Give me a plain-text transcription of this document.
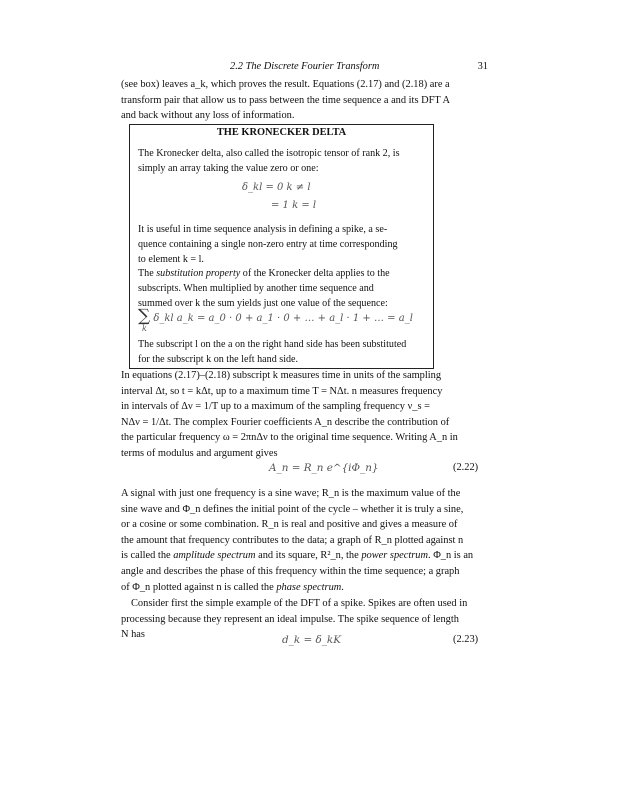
2.2 The Discrete Fourier Transform	31
(see box) leaves a_k, which proves the result. Equations (2.17) and (2.18) are a
transform pair that allow us to pass between the time sequence a and its DFT A
and back without any loss of information.
THE KRONECKER DELTA
The Kronecker delta, also called the isotropic tensor of rank 2, is
simply an array taking the value zero or one:
δ_kl = 0 k ≠ l
= 1 k = l
It is useful in time sequence analysis in defining a spike, a se-
quence containing a single non-zero entry at time corresponding
to element k = l.
The substitution property of the Kronecker delta applies to the
subscripts. When multiplied by another time sequence and
summed over k the sum yields just one value of the sequence:
∑ δ_kl a_k = a_0 · 0 + a_1 · 0 + … + a_l · 1 + … = a_l
k
The subscript l on the a on the right hand side has been substituted
for the subscript k on the left hand side.
In equations (2.17)–(2.18) subscript k measures time in units of the sampling
interval Δt, so t = kΔt, up to a maximum time T = NΔt. n measures frequency
in intervals of Δν = 1/T up to a maximum of the sampling frequency ν_s =
NΔν = 1/Δt. The complex Fourier coefficients A_n describe the contribution of
the particular frequency ω = 2πnΔν to the original time sequence. Writing A_n in
terms of modulus and argument gives
A_n = R_n e^{iΦ_n}	(2.22)
A signal with just one frequency is a sine wave; R_n is the maximum value of the
sine wave and Φ_n defines the initial point of the cycle – whether it is truly a sine,
or a cosine or some combination. R_n is real and positive and gives a measure of
the amount that frequency contributes to the data; a graph of R_n plotted against n
is called the amplitude spectrum and its square, R²_n, the power spectrum. Φ_n is an
angle and describes the phase of this frequency within the time sequence; a graph
of Φ_n plotted against n is called the phase spectrum.
Consider first the simple example of the DFT of a spike. Spikes are often used in
processing because they represent an ideal impulse. The spike sequence of length
N has	d_k = δ_kK	(2.23)
